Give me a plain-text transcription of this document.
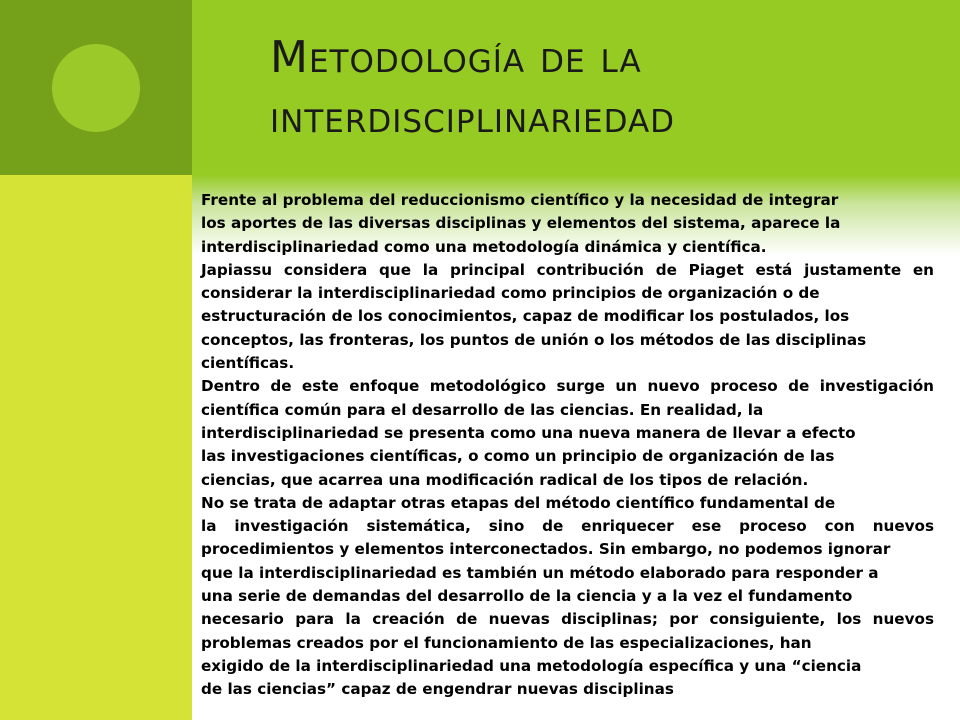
Metodología de la
interdisciplinariedad
Frente al problema del reduccionismo científico y la necesidad de integrar
los aportes de las diversas disciplinas y elementos del sistema, aparece la
interdisciplinariedad como una metodología dinámica y científica.
Japiassu considera que la principal contribución de Piaget está justamente en
considerar la interdisciplinariedad como principios de organización o de
estructuración de los conocimientos, capaz de modificar los postulados, los
conceptos, las fronteras, los puntos de unión o los métodos de las disciplinas
científicas.
Dentro de este enfoque metodológico surge un nuevo proceso de investigación
científica común para el desarrollo de las ciencias. En realidad, la
interdisciplinariedad se presenta como una nueva manera de llevar a efecto
las investigaciones científicas, o como un principio de organización de las
ciencias, que acarrea una modificación radical de los tipos de relación.
No se trata de adaptar otras etapas del método científico fundamental de
la investigación sistemática, sino de enriquecer ese proceso con nuevos
procedimientos y elementos interconectados. Sin embargo, no podemos ignorar
que la interdisciplinariedad es también un método elaborado para responder a
una serie de demandas del desarrollo de la ciencia y a la vez el fundamento
necesario para la creación de nuevas disciplinas; por consiguiente, los nuevos
problemas creados por el funcionamiento de las especializaciones, han
exigido de la interdisciplinariedad una metodología específica y una “ciencia
de las ciencias” capaz de engendrar nuevas disciplinas
